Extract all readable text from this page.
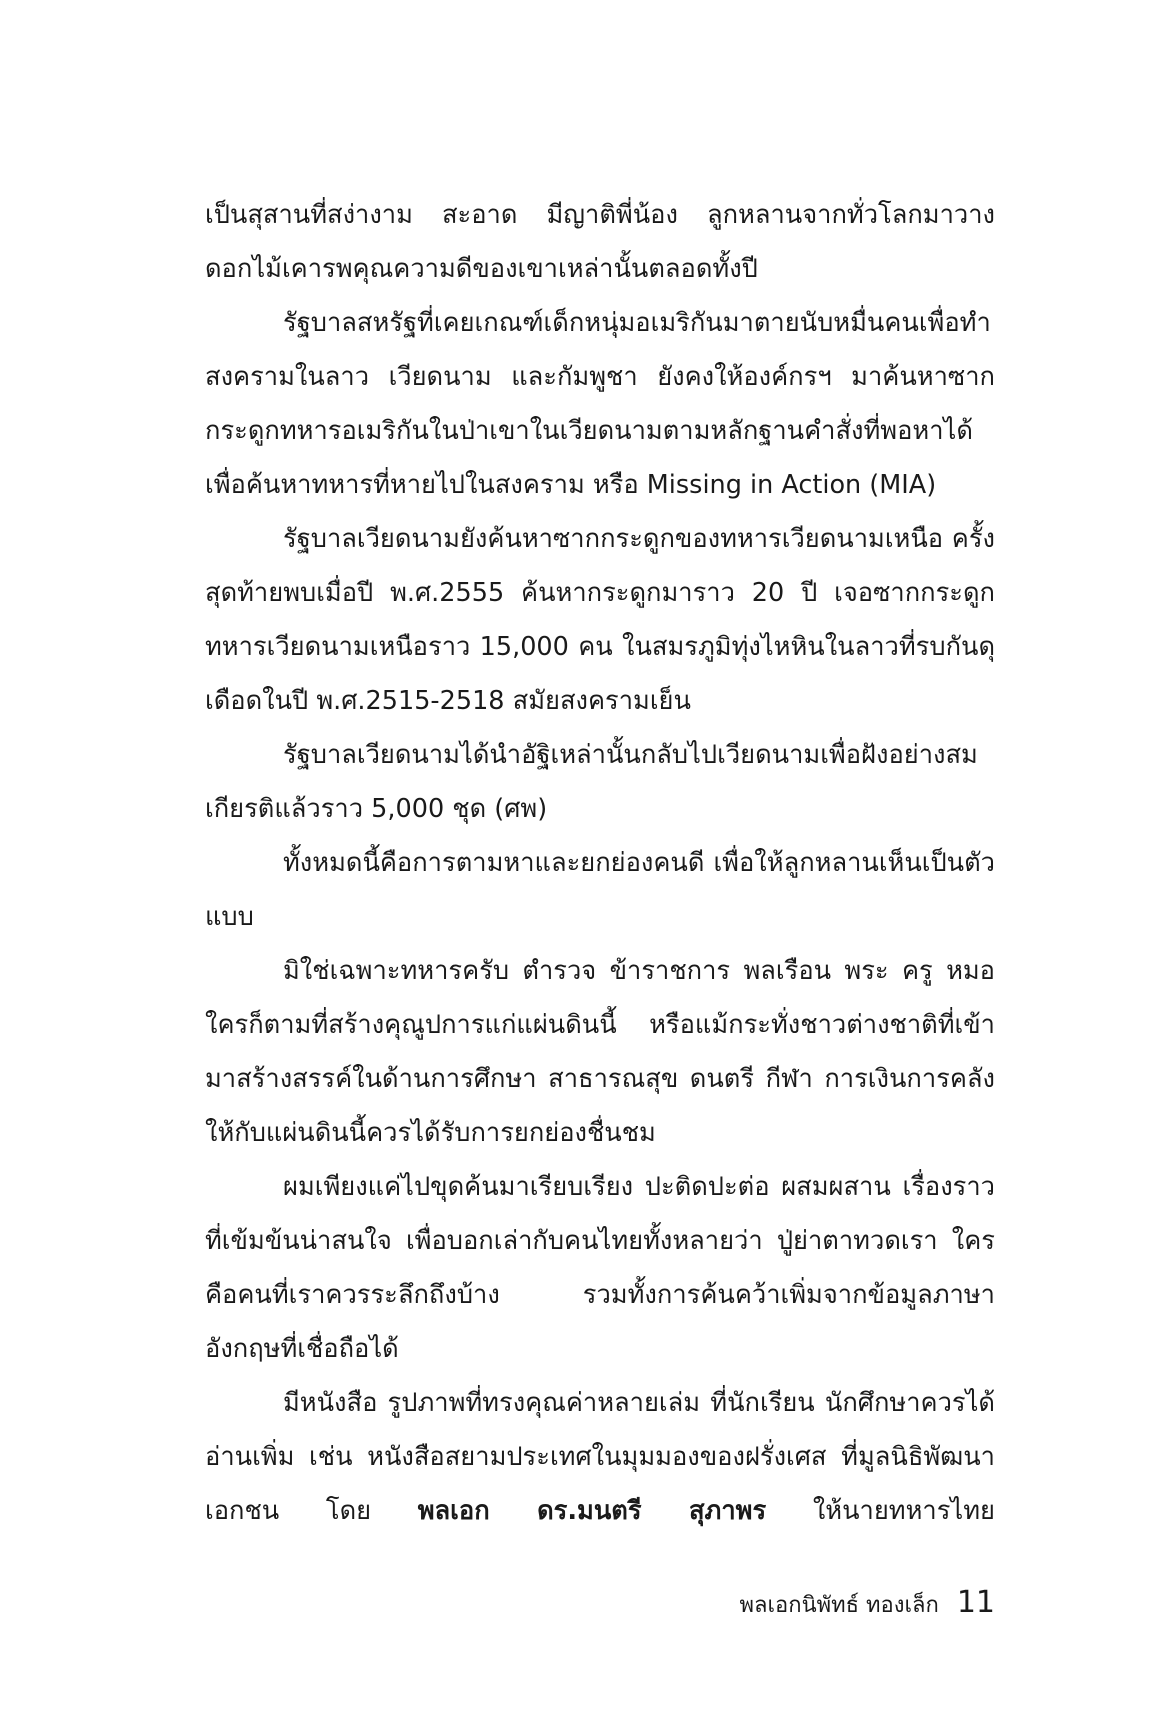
เป็นสุสานที่สง่างาม สะอาด มีญาติพี่น้อง ลูกหลานจากทั่วโลกมาวางดอกไม้เคารพคุณความดีของเขาเหล่านั้นตลอดทั้งปี

รัฐบาลสหรัฐที่เคยเกณฑ์เด็กหนุ่มอเมริกันมาตายนับหมื่นคนเพื่อทำสงครามในลาว เวียดนาม และกัมพูชา ยังคงให้องค์กรฯ มาค้นหาซากกระดูกทหารอเมริกันในป่าเขาในเวียดนามตามหลักฐานคำสั่งที่พอหาได้ เพื่อค้นหาทหารที่หายไปในสงคราม หรือ Missing in Action (MIA)

รัฐบาลเวียดนามยังค้นหาซากกระดูกของทหารเวียดนามเหนือ ครั้งสุดท้ายพบเมื่อปี พ.ศ.2555 ค้นหากระดูกมาราว 20 ปี เจอซากกระดูกทหารเวียดนามเหนือราว 15,000 คน ในสมรภูมิทุ่งไหหินในลาวที่รบกันดุเดือดในปี พ.ศ.2515-2518 สมัยสงครามเย็น

รัฐบาลเวียดนามได้นำอัฐิเหล่านั้นกลับไปเวียดนามเพื่อฝังอย่างสมเกียรติแล้วราว 5,000 ชุด (ศพ)

ทั้งหมดนี้คือการตามหาและยกย่องคนดี เพื่อให้ลูกหลานเห็นเป็นตัวแบบ

มิใช่เฉพาะทหารครับ ตำรวจ ข้าราชการ พลเรือน พระ ครู หมอ ใครก็ตามที่สร้างคุณูปการแก่แผ่นดินนี้ หรือแม้กระทั่งชาวต่างชาติที่เข้ามาสร้างสรรค์ในด้านการศึกษา สาธารณสุข ดนตรี กีฬา การเงินการคลังให้กับแผ่นดินนี้ควรได้รับการยกย่องชื่นชม

ผมเพียงแค่ไปขุดค้นมาเรียบเรียง ปะติดปะต่อ ผสมผสาน เรื่องราวที่เข้มข้นน่าสนใจ เพื่อบอกเล่ากับคนไทยทั้งหลายว่า ปู่ย่าตาทวดเรา ใครคือคนที่เราควรระลึกถึงบ้าง รวมทั้งการค้นคว้าเพิ่มจากข้อมูลภาษาอังกฤษที่เชื่อถือได้

มีหนังสือ รูปภาพที่ทรงคุณค่าหลายเล่ม ที่นักเรียน นักศึกษาควรได้อ่านเพิ่ม เช่น หนังสือสยามประเทศในมุมมองของฝรั่งเศส ที่มูลนิธิพัฒนาเอกชน โดย พลเอก ดร.มนตรี สุภาพร ให้นายทหารไทย

พลเอกนิพัทธ์ ทองเล็ก 11
